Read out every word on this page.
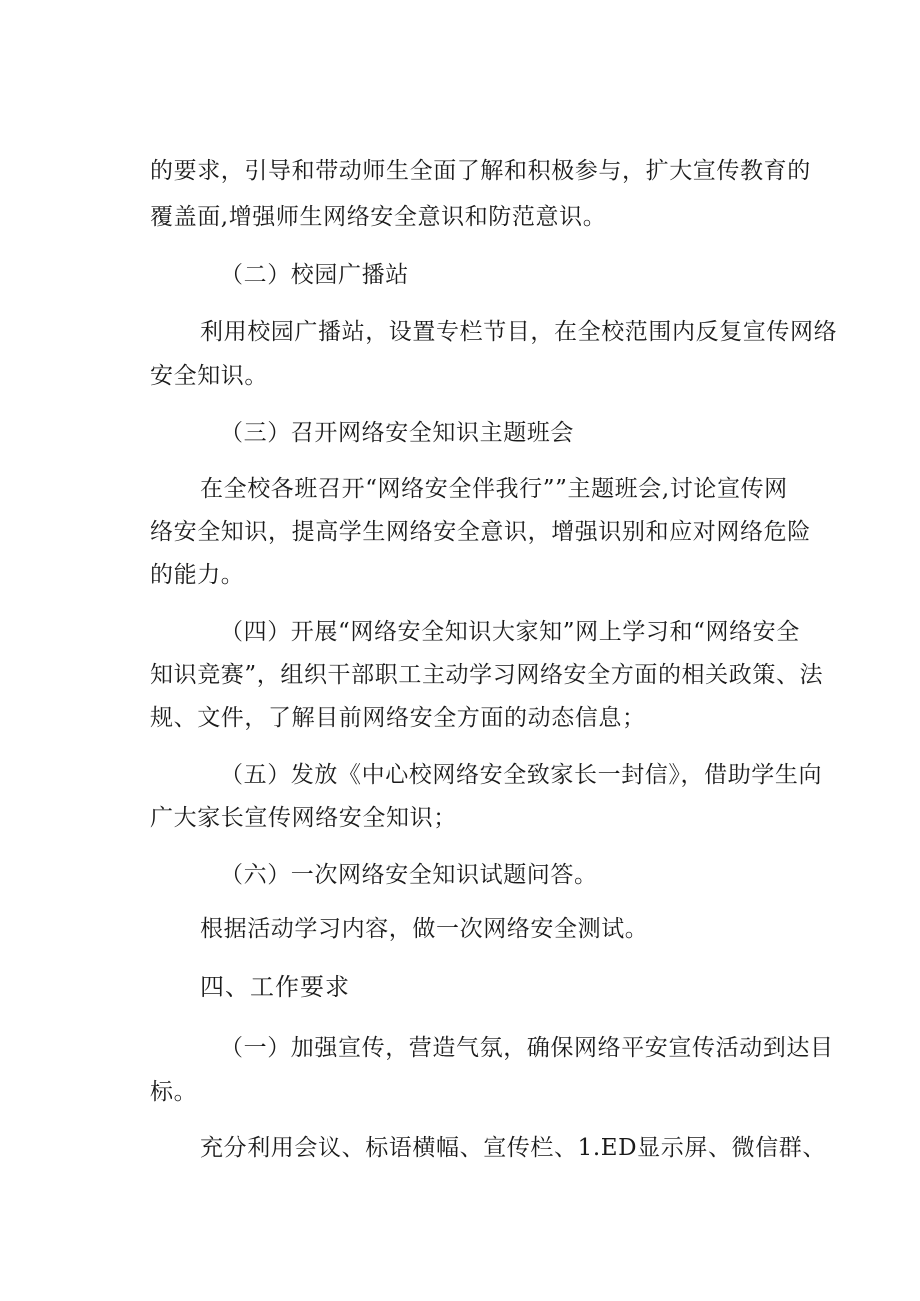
的要求，引导和带动师生全面了解和积极参与，扩大宣传教育的
覆盖面,增强师生网络安全意识和防范意识。
（二）校园广播站
利用校园广播站，设置专栏节目，在全校范围内反复宣传网络
安全知识。
（三）召开网络安全知识主题班会
在全校各班召开“网络安全伴我行””主题班会,讨论宣传网
络安全知识，提高学生网络安全意识，增强识别和应对网络危险
的能力。
（四）开展“网络安全知识大家知”网上学习和“网络安全
知识竞赛”，组织干部职工主动学习网络安全方面的相关政策、法
规、文件，了解目前网络安全方面的动态信息；
（五）发放《中心校网络安全致家长一封信》，借助学生向
广大家长宣传网络安全知识；
（六）一次网络安全知识试题问答。
根据活动学习内容，做一次网络安全测试。
四、工作要求
（一）加强宣传，营造气氛，确保网络平安宣传活动到达目
标。
充分利用会议、标语横幅、宣传栏、1.ED显示屏、微信群、
